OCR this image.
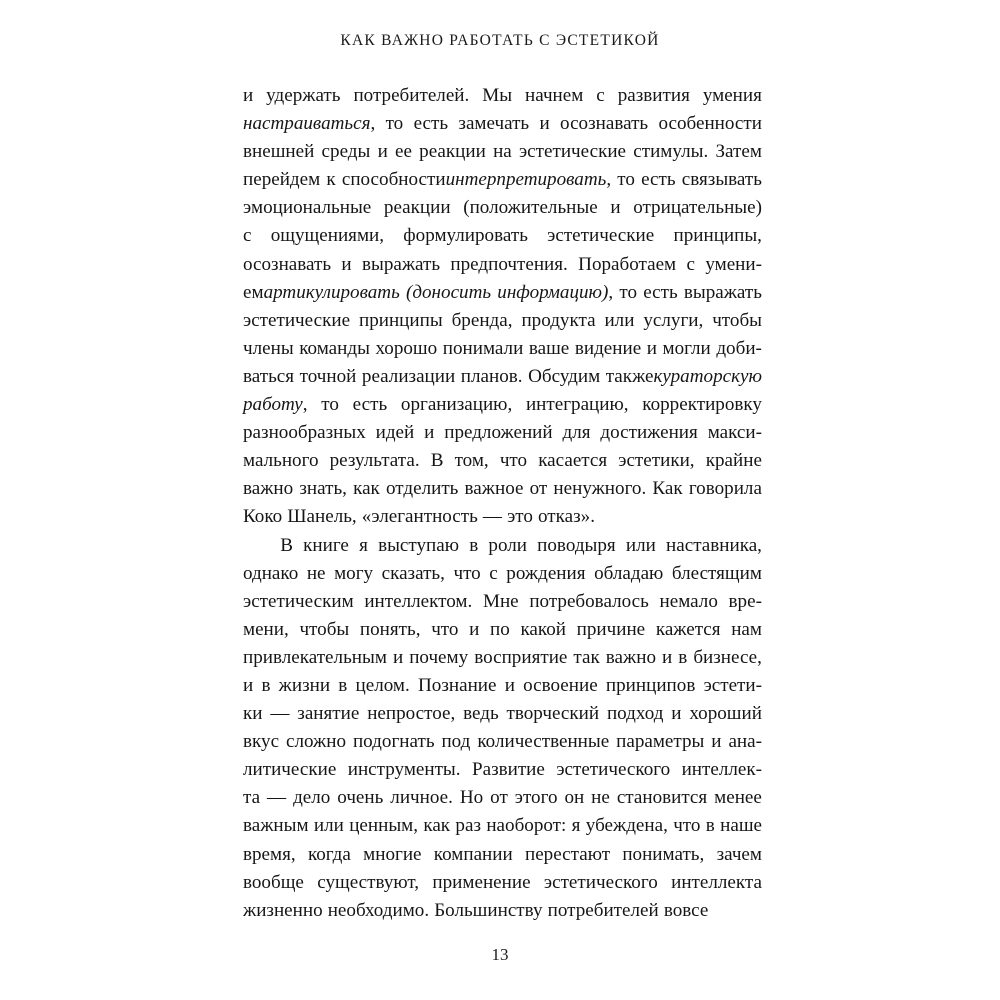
КАК ВАЖНО РАБОТАТЬ С ЭСТЕТИКОЙ

и удержать потребителей. Мы начнем с развития умения
настраиваться, то есть замечать и осознавать особенности
внешней среды и ее реакции на эстетические стимулы. Затем
перейдем к способностиинтерпретировать, то есть связывать
эмоциональные реакции (положительные и отрицательные)
с ощущениями, формулировать эстетические принципы,
осознавать и выражать предпочтения. Поработаем с умени-
емартикулировать (доносить информацию), то есть выражать
эстетические принципы бренда, продукта или услуги, чтобы
члены команды хорошо понимали ваше видение и могли доби-
ваться точной реализации планов. Обсудим такжекураторскую
работу, то есть организацию, интеграцию, корректировку
разнообразных идей и предложений для достижения макси-
мального результата. В том, что касается эстетики, крайне
важно знать, как отделить важное от ненужного. Как говорила
Коко Шанель, «элегантность — это отказ».

В книге я выступаю в роли поводыря или наставника,
однако не могу сказать, что с рождения обладаю блестящим
эстетическим интеллектом. Мне потребовалось немало вре-
мени, чтобы понять, что и по какой причине кажется нам
привлекательным и почему восприятие так важно и в бизнесе,
и в жизни в целом. Познание и освоение принципов эстети-
ки — занятие непростое, ведь творческий подход и хороший
вкус сложно подогнать под количественные параметры и ана-
литические инструменты. Развитие эстетического интеллек-
та — дело очень личное. Но от этого он не становится менее
важным или ценным, как раз наоборот: я убеждена, что в наше
время, когда многие компании перестают понимать, зачем
вообще существуют, применение эстетического интеллекта
жизненно необходимо. Большинству потребителей вовсе

13
